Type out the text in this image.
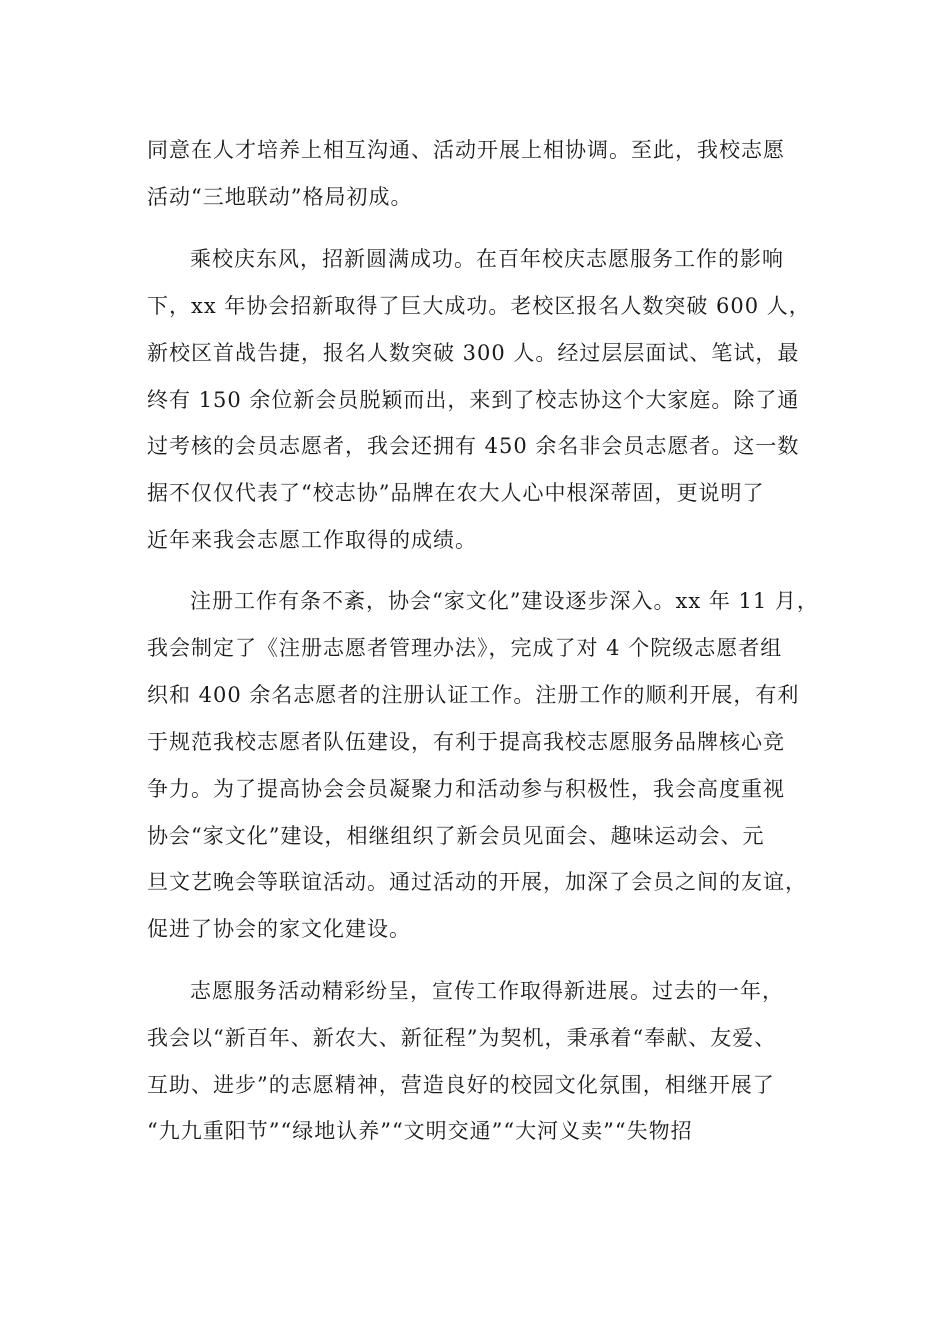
同意在人才培养上相互沟通、活动开展上相协调。至此，我校志愿
活动“三地联动”格局初成。
乘校庆东风，招新圆满成功。在百年校庆志愿服务工作的影响
下，xx 年协会招新取得了巨大成功。老校区报名人数突破 600 人，
新校区首战告捷，报名人数突破 300 人。经过层层面试、笔试，最
终有 150 余位新会员脱颖而出，来到了校志协这个大家庭。除了通
过考核的会员志愿者，我会还拥有 450 余名非会员志愿者。这一数
据不仅仅代表了“校志协”品牌在农大人心中根深蒂固，更说明了
近年来我会志愿工作取得的成绩。
注册工作有条不紊，协会“家文化”建设逐步深入。xx 年 11 月，
我会制定了《注册志愿者管理办法》，完成了对 4 个院级志愿者组
织和 400 余名志愿者的注册认证工作。注册工作的顺利开展，有利
于规范我校志愿者队伍建设，有利于提高我校志愿服务品牌核心竞
争力。为了提高协会会员凝聚力和活动参与积极性，我会高度重视
协会“家文化”建设，相继组织了新会员见面会、趣味运动会、元
旦文艺晚会等联谊活动。通过活动的开展，加深了会员之间的友谊，
促进了协会的家文化建设。
志愿服务活动精彩纷呈，宣传工作取得新进展。过去的一年，
我会以“新百年、新农大、新征程”为契机，秉承着“奉献、友爱、
互助、进步”的志愿精神，营造良好的校园文化氛围，相继开展了
“九九重阳节”“绿地认养”“文明交通”“大河义卖”“失物招
